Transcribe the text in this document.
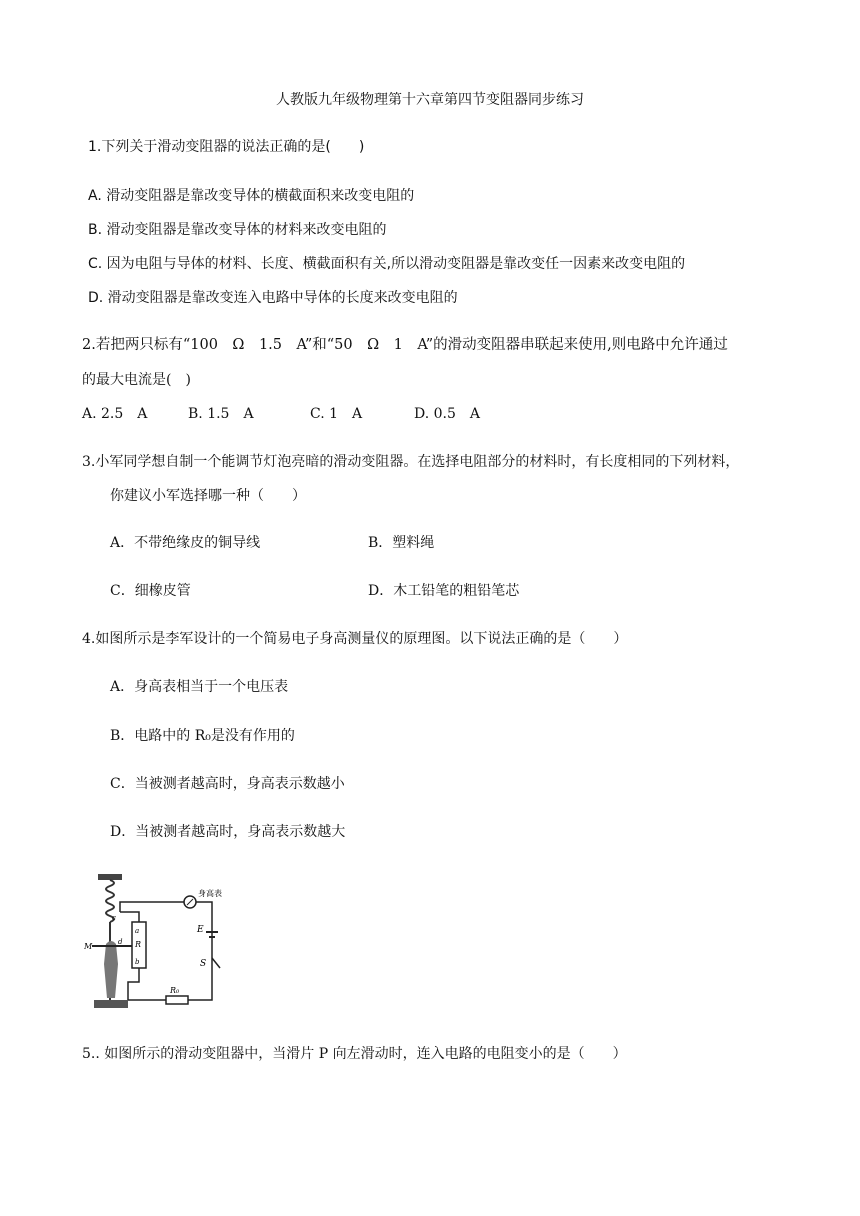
人教版九年级物理第十六章第四节变阻器同步练习
1.下列关于滑动变阻器的说法正确的是(　　)
A. 滑动变阻器是靠改变导体的横截面积来改变电阻的
B. 滑动变阻器是靠改变导体的材料来改变电阻的
C. 因为电阻与导体的材料、长度、横截面积有关,所以滑动变阻器是靠改变任一因素来改变电阻的
D. 滑动变阻器是靠改变连入电路中导体的长度来改变电阻的
2.若把两只标有“100　Ω　1.5　A”和“50　Ω　1　A”的滑动变阻器串联起来使用,则电路中允许通过
的最大电流是(　)
A. 2.5　A	B. 1.5　A	C. 1　A	D. 0.5　A
3.小军同学想自制一个能调节灯泡亮暗的滑动变阻器。在选择电阻部分的材料时，有长度相同的下列材料，
你建议小军选择哪一种（　　）
A．不带绝缘皮的铜导线	B．塑料绳
C．细橡皮管	D．木工铅笔的粗铅笔芯
4.如图所示是李军设计的一个简易电子身高测量仪的原理图。以下说法正确的是（　　）
A．身高表相当于一个电压表
B．电路中的 R₀是没有作用的
C．当被测者越高时，身高表示数越小
D．当被测者越高时，身高表示数越大
身高表
E
S
R₀
R
a
b
c
d
M
5.. 如图所示的滑动变阻器中，当滑片 P 向左滑动时，连入电路的电阻变小的是（　　）
